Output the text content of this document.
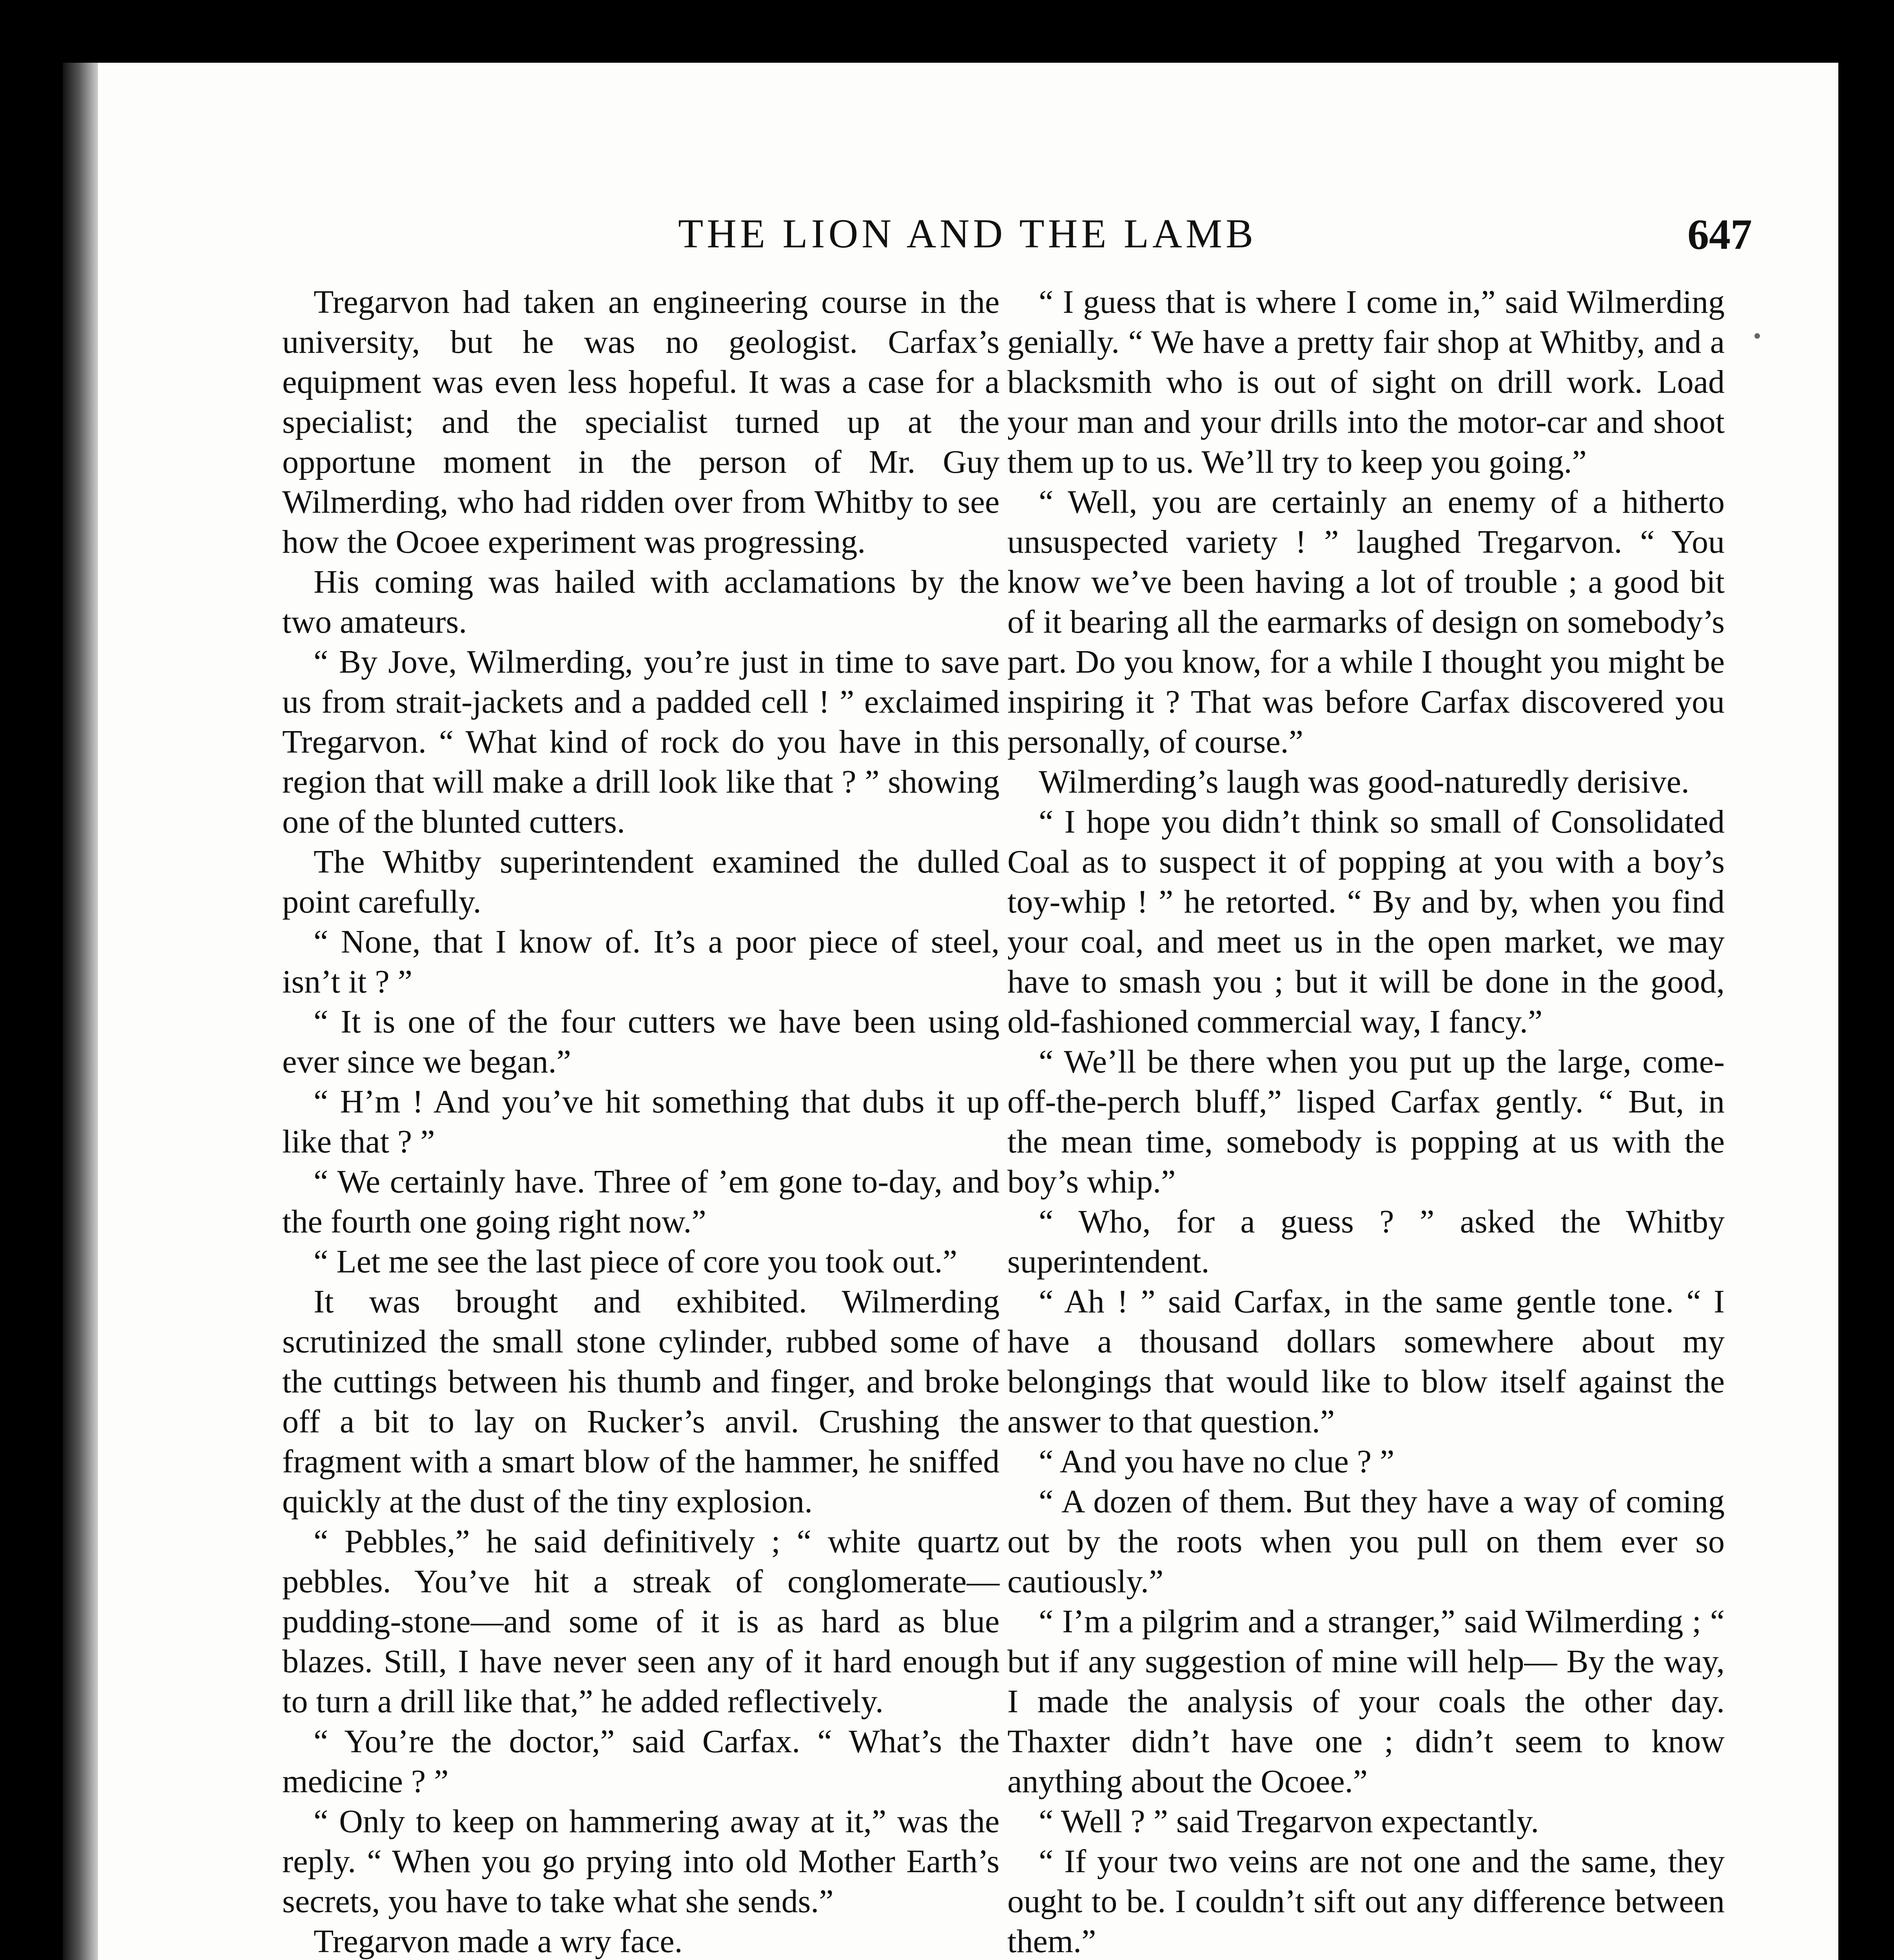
THE LION AND THE LAMB	647

Tregarvon had taken an engineering course in the university, but he was no geologist. Carfax’s equipment was even less hopeful. It was a case for a specialist; and the specialist turned up at the opportune moment in the person of Mr. Guy Wilmerding, who had ridden over from Whitby to see how the Ocoee experiment was progressing.

His coming was hailed with acclamations by the two amateurs.

“ By Jove, Wilmerding, you’re just in time to save us from strait-jackets and a padded cell ! ” exclaimed Tregarvon. “ What kind of rock do you have in this region that will make a drill look like that ? ” showing one of the blunted cutters.

The Whitby superintendent examined the dulled point carefully.

“ None, that I know of. It’s a poor piece of steel, isn’t it ? ”

“ It is one of the four cutters we have been using ever since we began.”

“ H’m ! And you’ve hit something that dubs it up like that ? ”

“ We certainly have. Three of ’em gone to-day, and the fourth one going right now.”

“ Let me see the last piece of core you took out.”

It was brought and exhibited. Wilmerding scrutinized the small stone cylinder, rubbed some of the cuttings between his thumb and finger, and broke off a bit to lay on Rucker’s anvil. Crushing the fragment with a smart blow of the hammer, he sniffed quickly at the dust of the tiny explosion.

“ Pebbles,” he said definitively ; “ white quartz pebbles. You’ve hit a streak of conglomerate—pudding-stone—and some of it is as hard as blue blazes. Still, I have never seen any of it hard enough to turn a drill like that,” he added reflectively.

“ You’re the doctor,” said Carfax. “ What’s the medicine ? ”

“ Only to keep on hammering away at it,” was the reply. “ When you go prying into old Mother Earth’s secrets, you have to take what she sends.”

Tregarvon made a wry face.

“ I guess that is where I come in,” said Wilmerding genially. “ We have a pretty fair shop at Whitby, and a blacksmith who is out of sight on drill work. Load your man and your drills into the motor-car and shoot them up to us. We’ll try to keep you going.”

“ Well, you are certainly an enemy of a hitherto unsuspected variety ! ” laughed Tregarvon. “ You know we’ve been having a lot of trouble ; a good bit of it bearing all the earmarks of design on somebody’s part. Do you know, for a while I thought you might be inspiring it ? That was before Carfax discovered you personally, of course.”

Wilmerding’s laugh was good-naturedly derisive.

“ I hope you didn’t think so small of Consolidated Coal as to suspect it of popping at you with a boy’s toy-whip ! ” he retorted. “ By and by, when you find your coal, and meet us in the open market, we may have to smash you ; but it will be done in the good, old-fashioned commercial way, I fancy.”

“ We’ll be there when you put up the large, come-off-the-perch bluff,” lisped Carfax gently. “ But, in the mean time, somebody is popping at us with the boy’s whip.”

“ Who, for a guess ? ” asked the Whitby superintendent.

“ Ah ! ” said Carfax, in the same gentle tone. “ I have a thousand dollars somewhere about my belongings that would like to blow itself against the answer to that question.”

“ And you have no clue ? ”

“ A dozen of them. But they have a way of coming out by the roots when you pull on them ever so cautiously.”

“ I’m a pilgrim and a stranger,” said Wilmerding ; “ but if any suggestion of mine will help— By the way, I made the analysis of your coals the other day. Thaxter didn’t have one ; didn’t seem to know anything about the Ocoee.”

“ Well ? ” said Tregarvon expectantly.

“ If your two veins are not one and the same, they ought to be. I couldn’t sift out any difference between them.”
